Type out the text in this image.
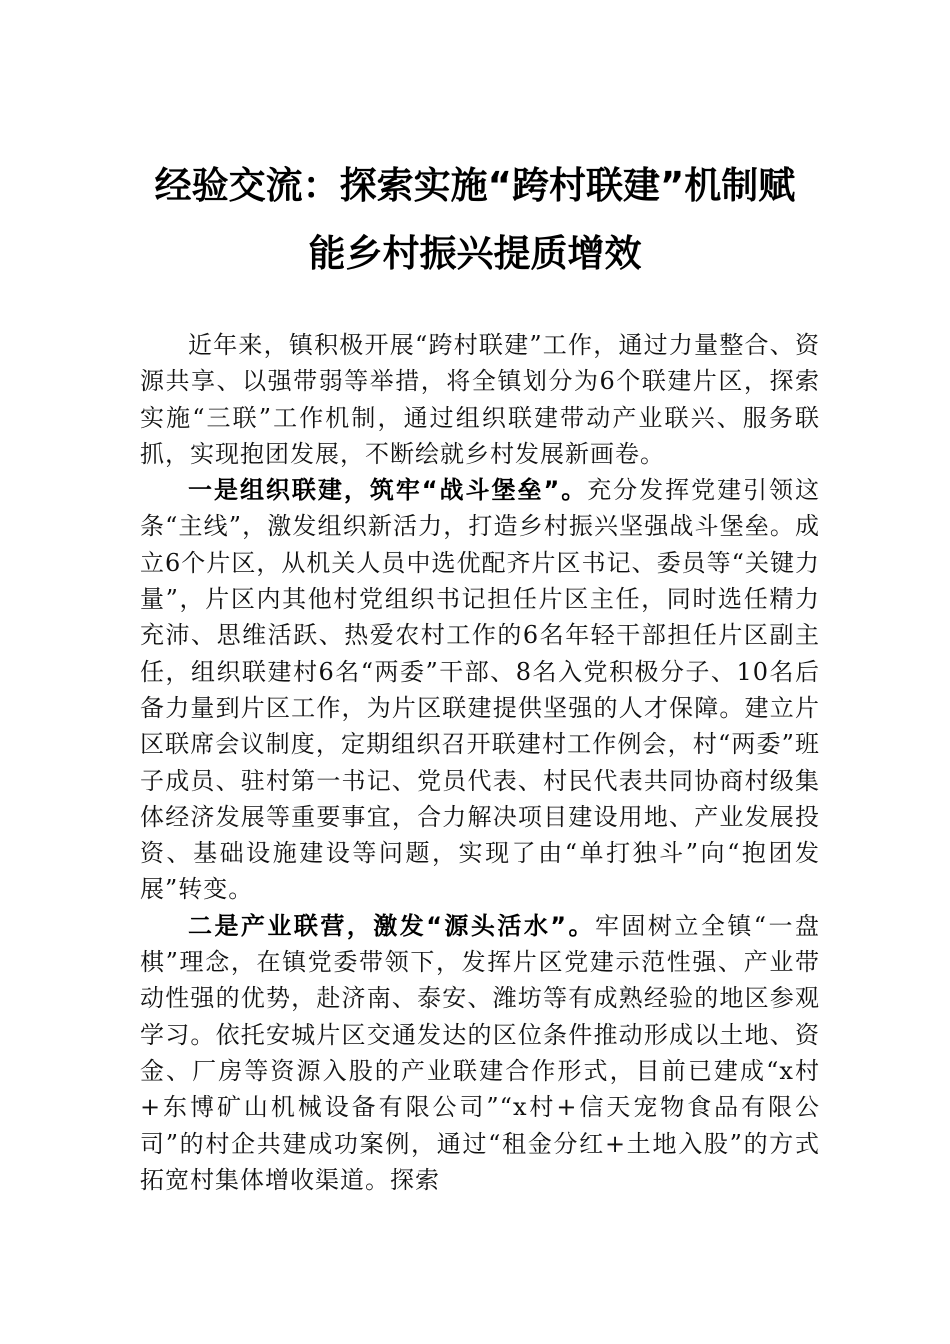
经验交流：探索实施“跨村联建”机制赋
能乡村振兴提质增效

近年来，镇积极开展“跨村联建”工作，通过力量整合、资源共享、以强带弱等举措，将全镇划分为6个联建片区，探索实施“三联”工作机制，通过组织联建带动产业联兴、服务联抓，实现抱团发展，不断绘就乡村发展新画卷。

一是组织联建，筑牢“战斗堡垒”。充分发挥党建引领这条“主线”，激发组织新活力，打造乡村振兴坚强战斗堡垒。成立6个片区，从机关人员中选优配齐片区书记、委员等“关键力量”，片区内其他村党组织书记担任片区主任，同时选任精力充沛、思维活跃、热爱农村工作的6名年轻干部担任片区副主任，组织联建村6名“两委”干部、8名入党积极分子、10名后备力量到片区工作，为片区联建提供坚强的人才保障。建立片区联席会议制度，定期组织召开联建村工作例会，村“两委”班子成员、驻村第一书记、党员代表、村民代表共同协商村级集体经济发展等重要事宜，合力解决项目建设用地、产业发展投资、基础设施建设等问题，实现了由“单打独斗”向“抱团发展”转变。

二是产业联营，激发“源头活水”。牢固树立全镇“一盘棋”理念，在镇党委带领下，发挥片区党建示范性强、产业带动性强的优势，赴济南、泰安、潍坊等有成熟经验的地区参观学习。依托安城片区交通发达的区位条件推动形成以土地、资金、厂房等资源入股的产业联建合作形式，目前已建成“x村+东博矿山机械设备有限公司”“x村+信天宠物食品有限公司”的村企共建成功案例，通过“租金分红+土地入股”的方式拓宽村集体增收渠道。探索
